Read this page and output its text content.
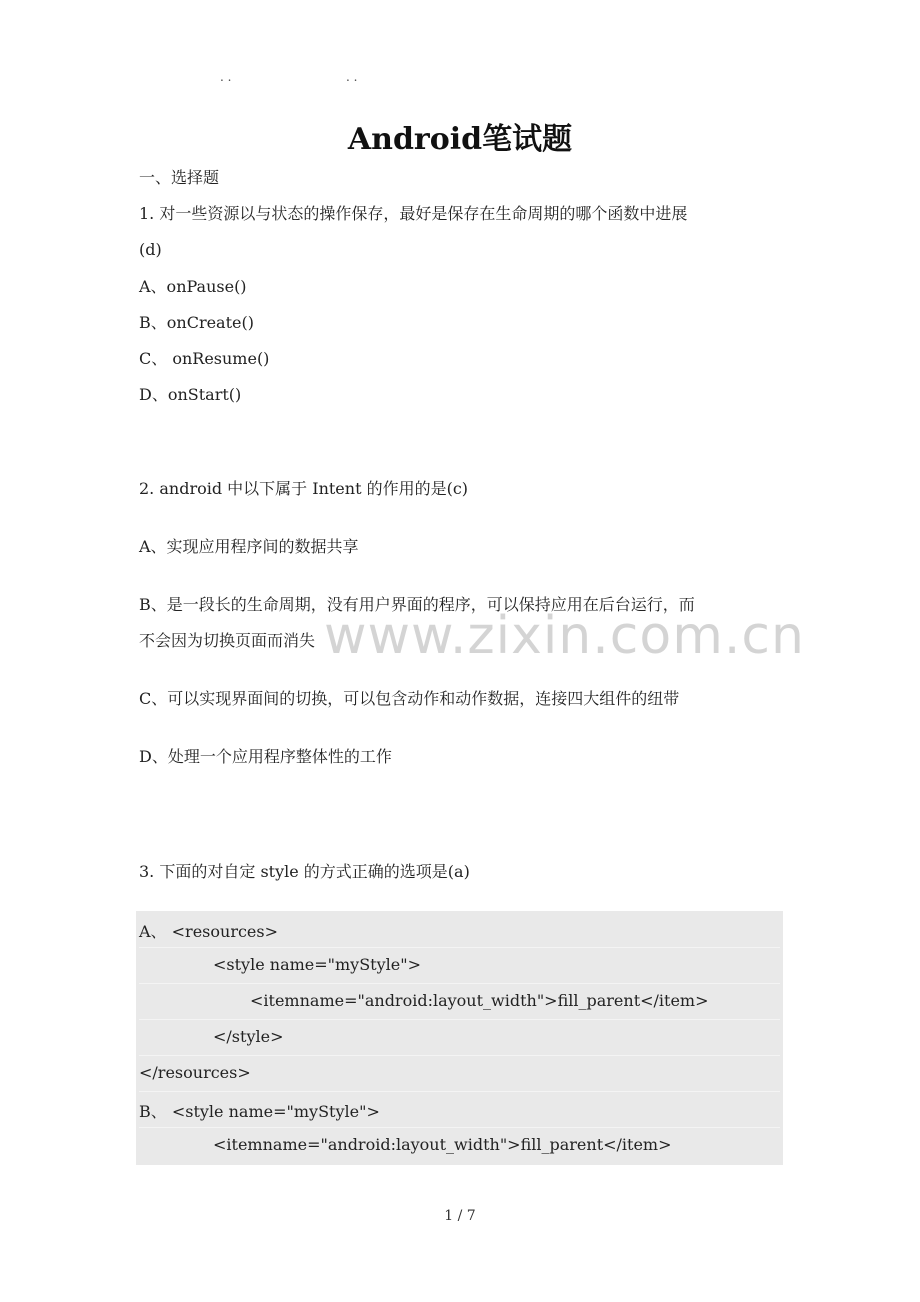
. .	. .
Android笔试题
一、选择题
1. 对一些资源以与状态的操作保存，最好是保存在生命周期的哪个函数中进展
(d)
A、onPause()
B、onCreate()
C、 onResume()
D、onStart()
2. android 中以下属于 Intent 的作用的是(c)
A、实现应用程序间的数据共享
B、是一段长的生命周期，没有用户界面的程序，可以保持应用在后台运行，而
不会因为切换页面而消失
C、可以实现界面间的切换，可以包含动作和动作数据，连接四大组件的纽带
D、处理一个应用程序整体性的工作
www.zixin.com.cn
3. 下面的对自定 style 的方式正确的选项是(a)
A、 <resources>
<style name="myStyle">
<itemname="android:layout_width">fill_parent</item>
</style>
</resources>
B、 <style name="myStyle">
<itemname="android:layout_width">fill_parent</item>
1 / 7
